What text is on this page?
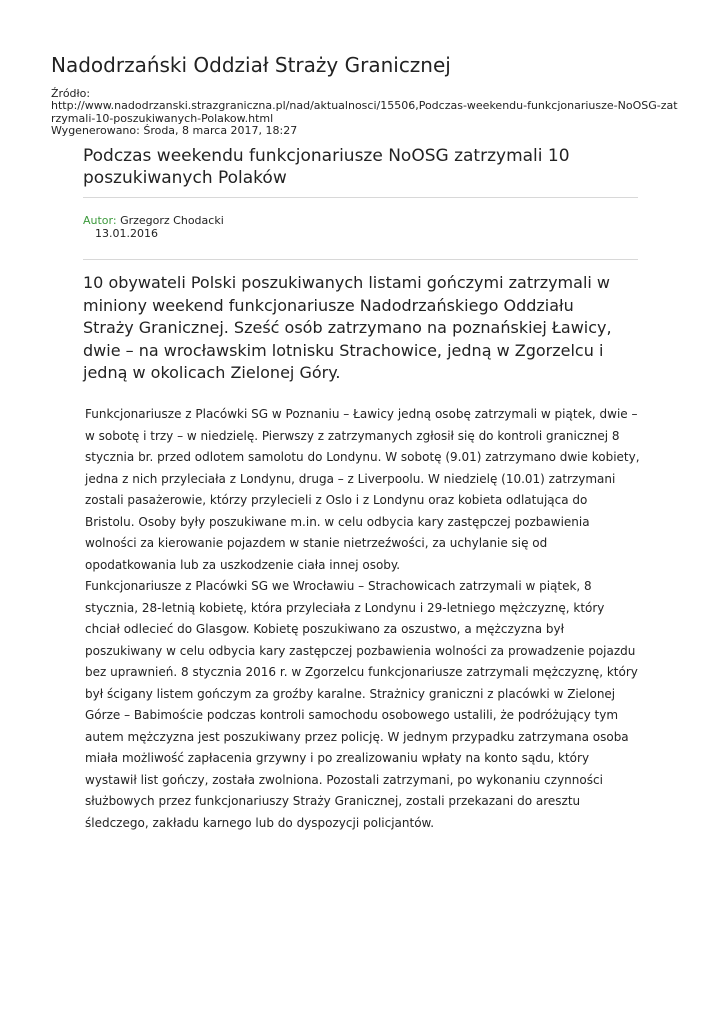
Nadodrzański Oddział Straży Granicznej
Źródło:
http://www.nadodrzanski.strazgraniczna.pl/nad/aktualnosci/15506,Podczas-weekendu-funkcjonariusze-NoOSG-zatrzymali-10-poszukiwanych-Polakow.html
Wygenerowano: Środa, 8 marca 2017, 18:27
Podczas weekendu funkcjonariusze NoOSG zatrzymali 10 poszukiwanych Polaków
Autor: Grzegorz Chodacki
13.01.2016

10 obywateli Polski poszukiwanych listami gończymi zatrzymali w miniony weekend funkcjonariusze Nadodrzańskiego Oddziału Straży Granicznej. Sześć osób zatrzymano na poznańskiej Ławicy, dwie – na wrocławskim lotnisku Strachowice, jedną w Zgorzelcu i jedną w okolicach Zielonej Góry.

Funkcjonariusze z Placówki SG w Poznaniu – Ławicy jedną osobę zatrzymali w piątek, dwie – w sobotę i trzy – w niedzielę. Pierwszy z zatrzymanych zgłosił się do kontroli granicznej 8 stycznia br. przed odlotem samolotu do Londynu. W sobotę (9.01) zatrzymano dwie kobiety, jedna z nich przyleciała z Londynu, druga – z Liverpoolu. W niedzielę (10.01) zatrzymani zostali pasażerowie, którzy przylecieli z Oslo i z Londynu oraz kobieta odlatująca do Bristolu. Osoby były poszukiwane m.in. w celu odbycia kary zastępczej pozbawienia wolności za kierowanie pojazdem w stanie nietrzeźwości, za uchylanie się od opodatkowania lub za uszkodzenie ciała innej osoby.

Funkcjonariusze z Placówki SG we Wrocławiu – Strachowicach zatrzymali w piątek, 8 stycznia, 28-letnią kobietę, która przyleciała z Londynu i 29-letniego mężczyznę, który chciał odlecieć do Glasgow. Kobietę poszukiwano za oszustwo, a mężczyzna był poszukiwany w celu odbycia kary zastępczej pozbawienia wolności za prowadzenie pojazdu bez uprawnień. 8 stycznia 2016 r. w Zgorzelcu funkcjonariusze zatrzymali mężczyznę, który był ścigany listem gończym za groźby karalne. Strażnicy graniczni z placówki w Zielonej Górze – Babimoście podczas kontroli samochodu osobowego ustalili, że podróżujący tym autem mężczyzna jest poszukiwany przez policję. W jednym przypadku zatrzymana osoba miała możliwość zapłacenia grzywny i po zrealizowaniu wpłaty na konto sądu, który wystawił list gończy, została zwolniona. Pozostali zatrzymani, po wykonaniu czynności służbowych przez funkcjonariuszy Straży Granicznej, zostali przekazani do aresztu śledczego, zakładu karnego lub do dyspozycji policjantów.
